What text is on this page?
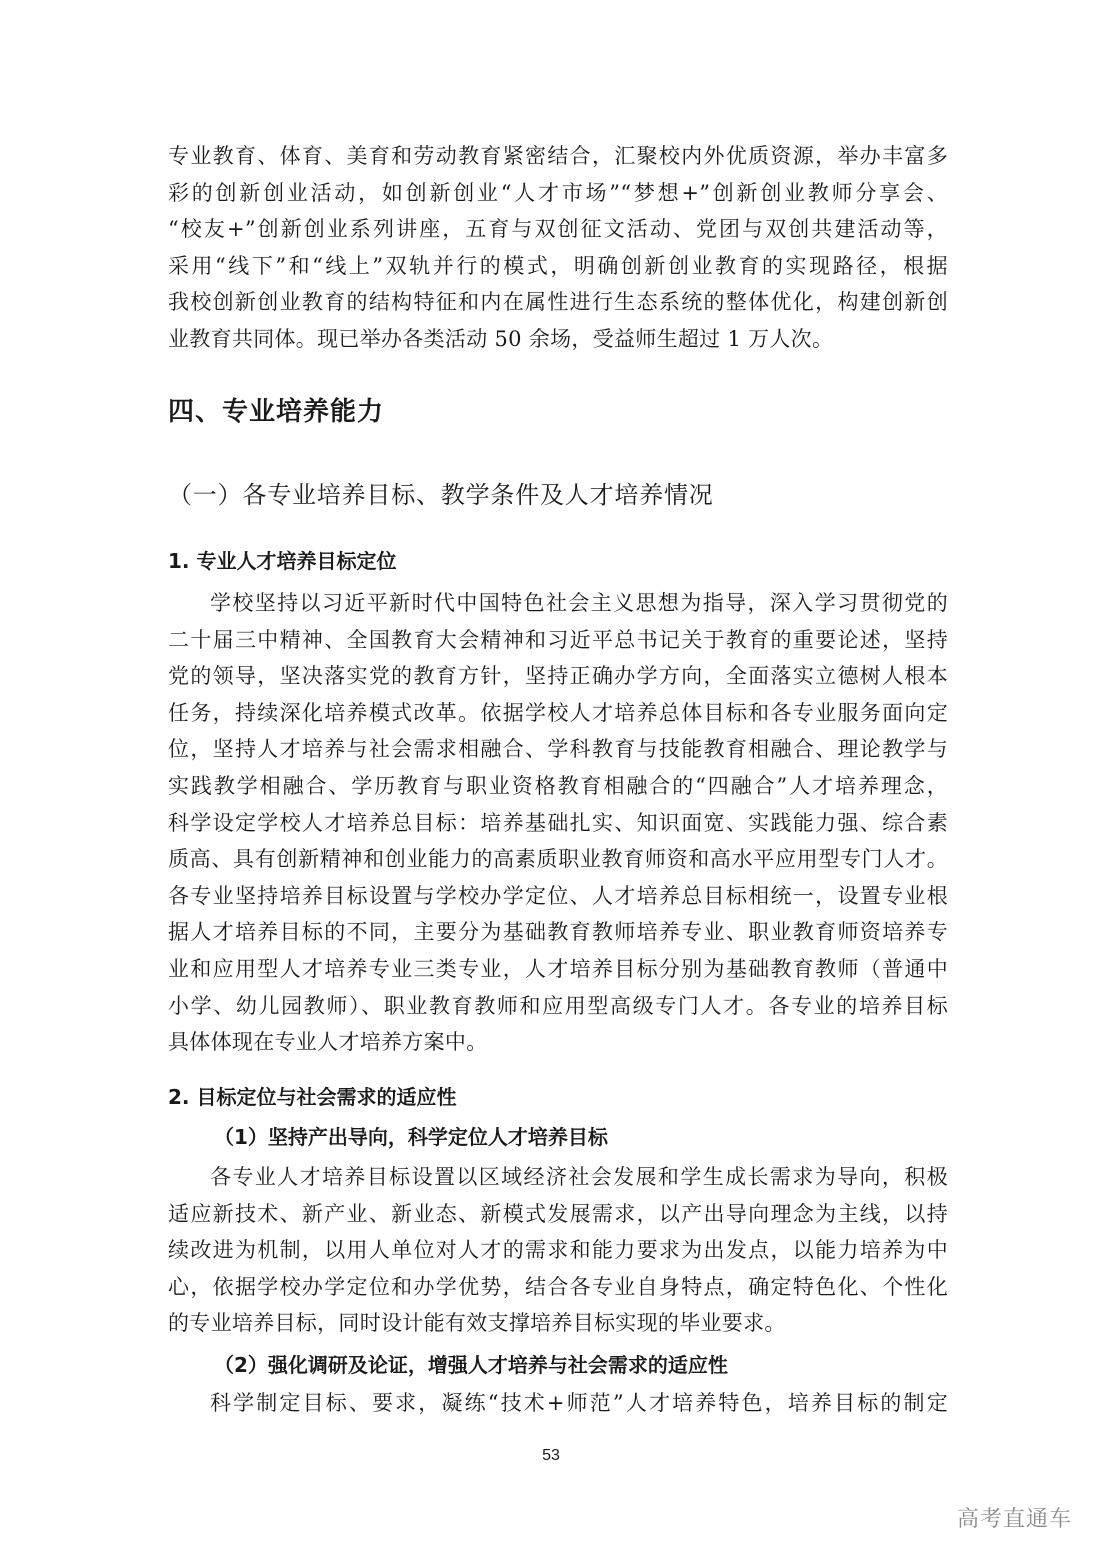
专业教育、体育、美育和劳动教育紧密结合，汇聚校内外优质资源，举办丰富多
彩的创新创业活动，如创新创业“人才市场”“梦想+”创新创业教师分享会、
“校友+”创新创业系列讲座，五育与双创征文活动、党团与双创共建活动等，
采用“线下”和“线上”双轨并行的模式，明确创新创业教育的实现路径，根据
我校创新创业教育的结构特征和内在属性进行生态系统的整体优化，构建创新创
业教育共同体。现已举办各类活动 50 余场，受益师生超过 1 万人次。
四、专业培养能力
（一）各专业培养目标、教学条件及人才培养情况
1. 专业人才培养目标定位
学校坚持以习近平新时代中国特色社会主义思想为指导，深入学习贯彻党的
二十届三中精神、全国教育大会精神和习近平总书记关于教育的重要论述，坚持
党的领导，坚决落实党的教育方针，坚持正确办学方向，全面落实立德树人根本
任务，持续深化培养模式改革。依据学校人才培养总体目标和各专业服务面向定
位，坚持人才培养与社会需求相融合、学科教育与技能教育相融合、理论教学与
实践教学相融合、学历教育与职业资格教育相融合的“四融合”人才培养理念，
科学设定学校人才培养总目标：培养基础扎实、知识面宽、实践能力强、综合素
质高、具有创新精神和创业能力的高素质职业教育师资和高水平应用型专门人才。
各专业坚持培养目标设置与学校办学定位、人才培养总目标相统一，设置专业根
据人才培养目标的不同，主要分为基础教育教师培养专业、职业教育师资培养专
业和应用型人才培养专业三类专业，人才培养目标分别为基础教育教师（普通中
小学、幼儿园教师）、职业教育教师和应用型高级专门人才。各专业的培养目标
具体体现在专业人才培养方案中。
2. 目标定位与社会需求的适应性
（1）坚持产出导向，科学定位人才培养目标
各专业人才培养目标设置以区域经济社会发展和学生成长需求为导向，积极
适应新技术、新产业、新业态、新模式发展需求，以产出导向理念为主线，以持
续改进为机制，以用人单位对人才的需求和能力要求为出发点，以能力培养为中
心，依据学校办学定位和办学优势，结合各专业自身特点，确定特色化、个性化
的专业培养目标，同时设计能有效支撑培养目标实现的毕业要求。
（2）强化调研及论证，增强人才培养与社会需求的适应性
科学制定目标、要求，凝练“技术+师范”人才培养特色，培养目标的制定
53
高考直通车
